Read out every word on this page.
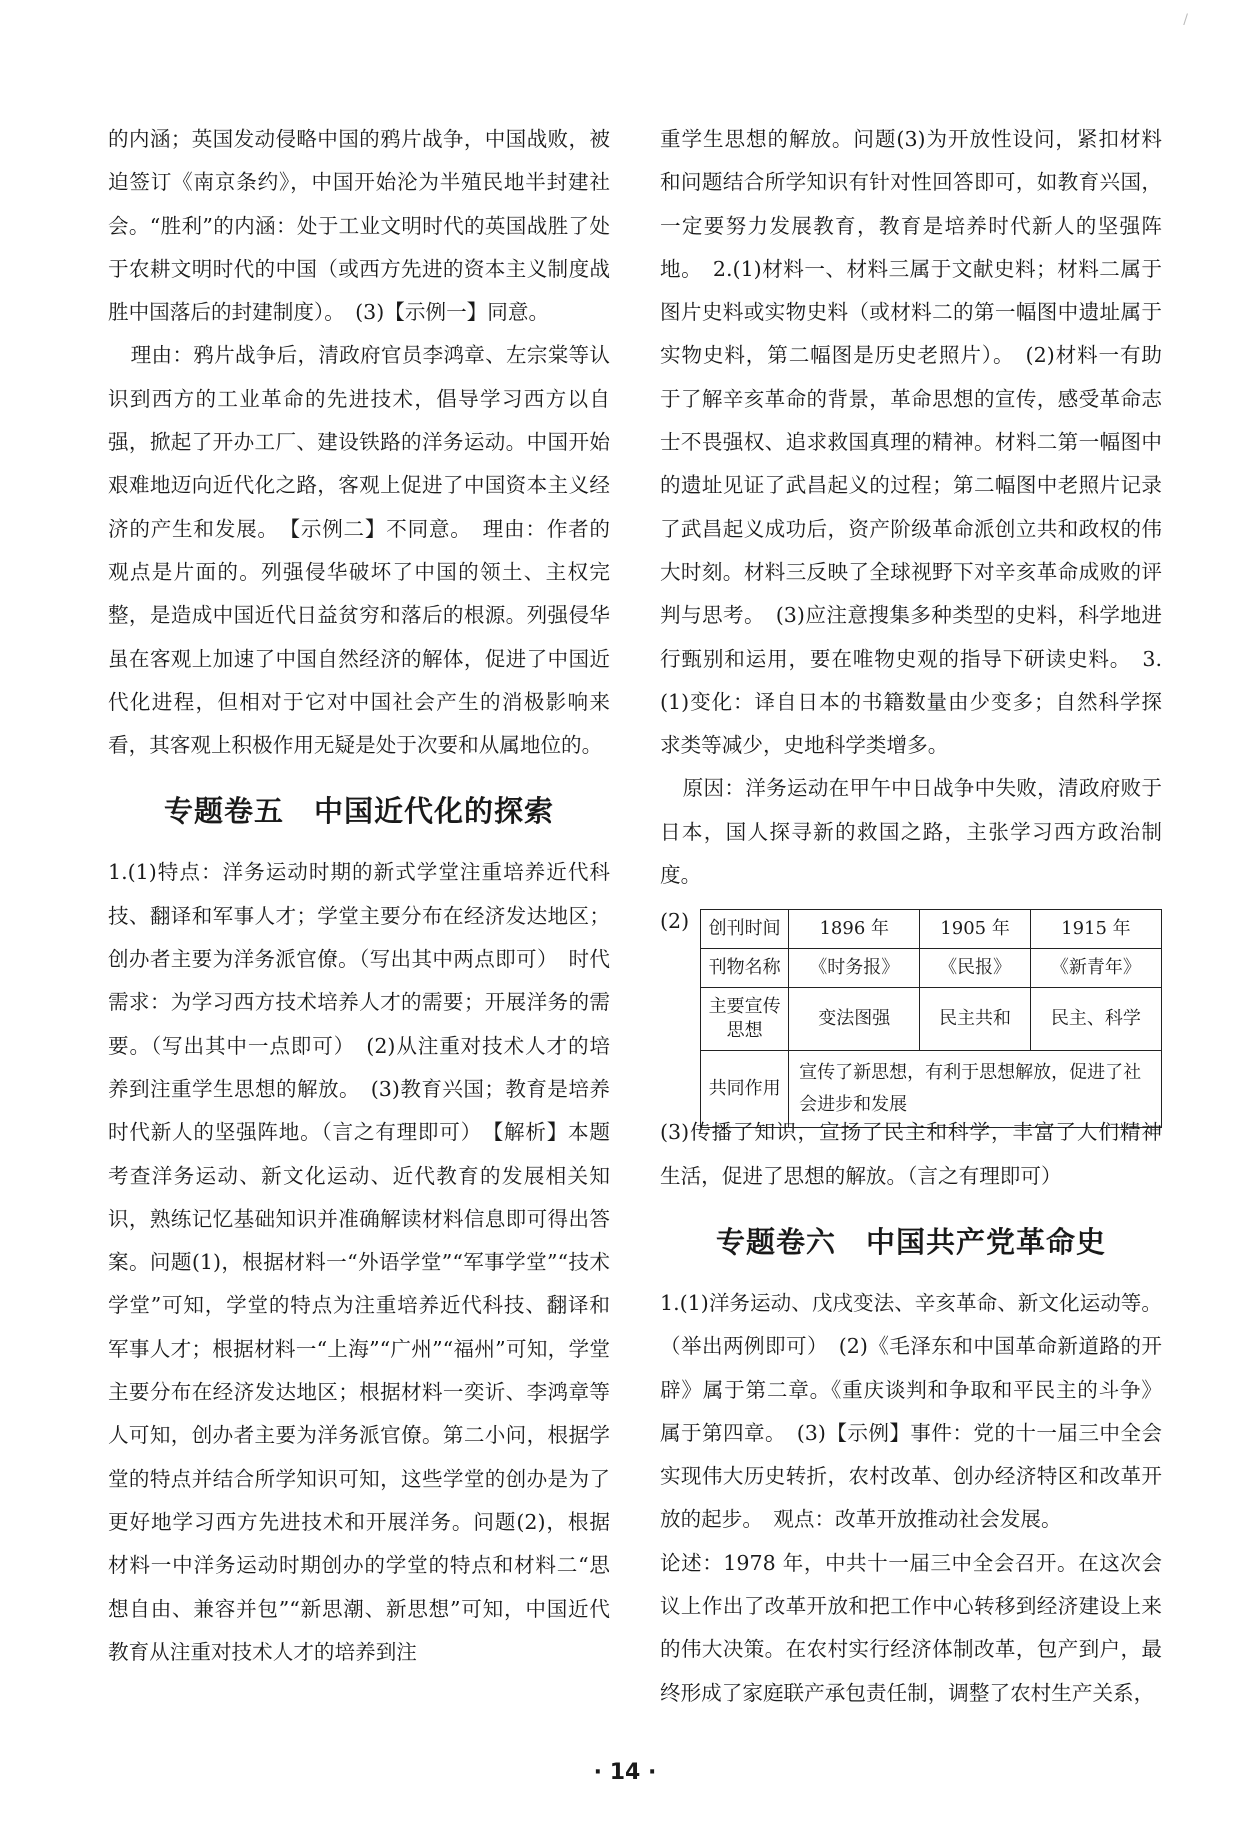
/

的内涵；英国发动侵略中国的鸦片战争，中国战败，被迫签订《南京条约》，中国开始沦为半殖民地半封建社会。“胜利”的内涵：处于工业文明时代的英国战胜了处于农耕文明时代的中国（或西方先进的资本主义制度战胜中国落后的封建制度）。　(3)【示例一】同意。

理由：鸦片战争后，清政府官员李鸿章、左宗棠等认识到西方的工业革命的先进技术，倡导学习西方以自强，掀起了开办工厂、建设铁路的洋务运动。中国开始艰难地迈向近代化之路，客观上促进了中国资本主义经济的产生和发展。　【示例二】不同意。　理由：作者的观点是片面的。列强侵华破坏了中国的领土、主权完整，是造成中国近代日益贫穷和落后的根源。列强侵华虽在客观上加速了中国自然经济的解体，促进了中国近代化进程，但相对于它对中国社会产生的消极影响来看，其客观上积极作用无疑是处于次要和从属地位的。

专题卷五　中国近代化的探索

1.(1)特点：洋务运动时期的新式学堂注重培养近代科技、翻译和军事人才；学堂主要分布在经济发达地区；创办者主要为洋务派官僚。（写出其中两点即可）　时代需求：为学习西方技术培养人才的需要；开展洋务的需要。（写出其中一点即可）　(2)从注重对技术人才的培养到注重学生思想的解放。　(3)教育兴国；教育是培养时代新人的坚强阵地。（言之有理即可）　【解析】本题考查洋务运动、新文化运动、近代教育的发展相关知识，熟练记忆基础知识并准确解读材料信息即可得出答案。问题(1)，根据材料一“外语学堂”“军事学堂”“技术学堂”可知，学堂的特点为注重培养近代科技、翻译和军事人才；根据材料一“上海”“广州”“福州”可知，学堂主要分布在经济发达地区；根据材料一奕䜣、李鸿章等人可知，创办者主要为洋务派官僚。第二小问，根据学堂的特点并结合所学知识可知，这些学堂的创办是为了更好地学习西方先进技术和开展洋务。问题(2)，根据材料一中洋务运动时期创办的学堂的特点和材料二“思想自由、兼容并包”“新思潮、新思想”可知，中国近代教育从注重对技术人才的培养到注

重学生思想的解放。问题(3)为开放性设问，紧扣材料和问题结合所学知识有针对性回答即可，如教育兴国，一定要努力发展教育，教育是培养时代新人的坚强阵地。　2.(1)材料一、材料三属于文献史料；材料二属于图片史料或实物史料（或材料二的第一幅图中遗址属于实物史料，第二幅图是历史老照片）。　(2)材料一有助于了解辛亥革命的背景，革命思想的宣传，感受革命志士不畏强权、追求救国真理的精神。材料二第一幅图中的遗址见证了武昌起义的过程；第二幅图中老照片记录了武昌起义成功后，资产阶级革命派创立共和政权的伟大时刻。材料三反映了全球视野下对辛亥革命成败的评判与思考。　(3)应注意搜集多种类型的史料，科学地进行甄别和运用，要在唯物史观的指导下研读史料。　3.(1)变化：译自日本的书籍数量由少变多；自然科学探求类等减少，史地科学类增多。

原因：洋务运动在甲午中日战争中失败，清政府败于日本，国人探寻新的救国之路，主张学习西方政治制度。

(2) 创刊时间	1896 年	1905 年	1915 年
刊物名称	《时务报》	《民报》	《新青年》
主要宣传思想	变法图强	民主共和	民主、科学
共同作用	宣传了新思想，有利于思想解放，促进了社会进步和发展		

(3)传播了知识，宣扬了民主和科学，丰富了人们精神生活，促进了思想的解放。（言之有理即可）

专题卷六　中国共产党革命史

1.(1)洋务运动、戊戌变法、辛亥革命、新文化运动等。（举出两例即可）　(2)《毛泽东和中国革命新道路的开辟》属于第二章。《重庆谈判和争取和平民主的斗争》属于第四章。　(3)【示例】事件：党的十一届三中全会实现伟大历史转折，农村改革、创办经济特区和改革开放的起步。　观点：改革开放推动社会发展。

论述：1978 年，中共十一届三中全会召开。在这次会议上作出了改革开放和把工作中心转移到经济建设上来的伟大决策。在农村实行经济体制改革，包产到户，最终形成了家庭联产承包责任制，调整了农村生产关系，

· 14 ·
